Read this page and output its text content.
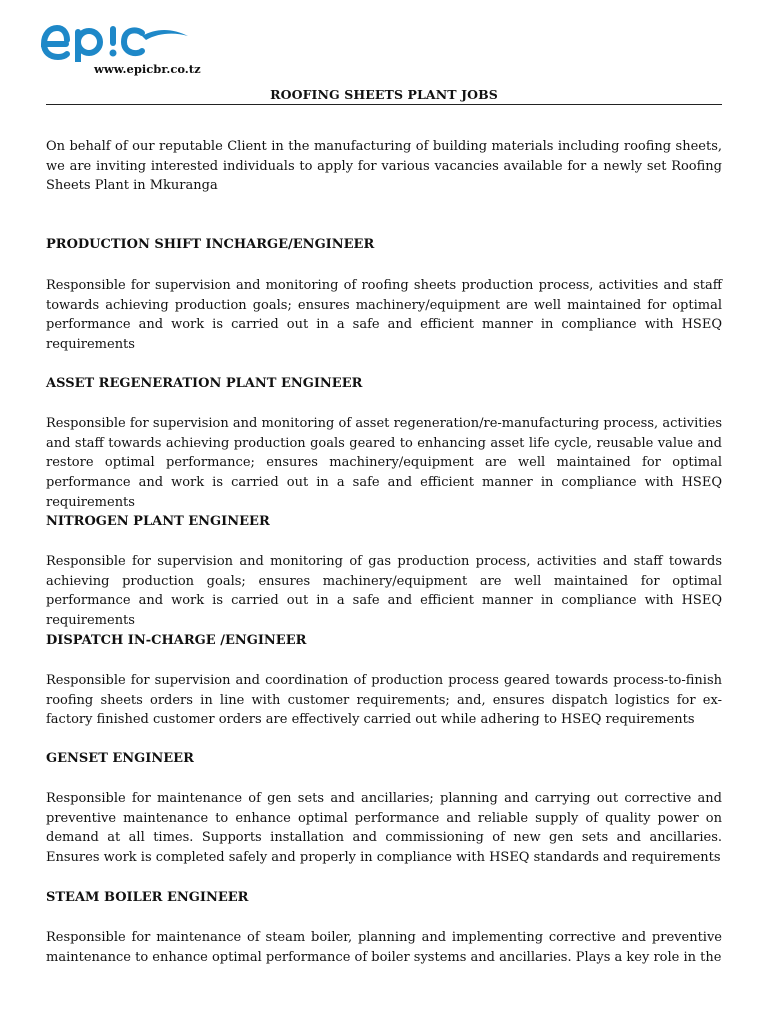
www.epicbr.co.tz
ROOFING SHEETS PLANT JOBS

On behalf of our reputable Client in the manufacturing of building materials including roofing sheets, we are inviting interested individuals to apply for various vacancies available for a newly set Roofing Sheets Plant in Mkuranga

PRODUCTION SHIFT INCHARGE/ENGINEER

Responsible for supervision and monitoring of roofing sheets production process, activities and staff towards achieving production goals; ensures machinery/equipment are well maintained for optimal performance and work is carried out in a safe and efficient manner in compliance with HSEQ requirements

ASSET REGENERATION PLANT ENGINEER

Responsible for supervision and monitoring of asset regeneration/re-manufacturing process, activities and staff towards achieving production goals geared to enhancing asset life cycle, reusable value and restore optimal performance; ensures machinery/equipment are well maintained for optimal performance and work is carried out in a safe and efficient manner in compliance with HSEQ requirements

NITROGEN PLANT ENGINEER

Responsible for supervision and monitoring of gas production process, activities and staff towards achieving production goals; ensures machinery/equipment are well maintained for optimal performance and work is carried out in a safe and efficient manner in compliance with HSEQ requirements

DISPATCH IN-CHARGE /ENGINEER

Responsible for supervision and coordination of production process geared towards process-to-finish roofing sheets orders in line with customer requirements; and, ensures dispatch logistics for ex-factory finished customer orders are effectively carried out while adhering to HSEQ requirements

GENSET ENGINEER

Responsible for maintenance of gen sets and ancillaries; planning and carrying out corrective and preventive maintenance to enhance optimal performance and reliable supply of quality power on demand at all times. Supports installation and commissioning of new gen sets and ancillaries. Ensures work is completed safely and properly in compliance with HSEQ standards and requirements

STEAM BOILER ENGINEER

Responsible for maintenance of steam boiler, planning and implementing corrective and preventive maintenance to enhance optimal performance of boiler systems and ancillaries. Plays a key role in the
